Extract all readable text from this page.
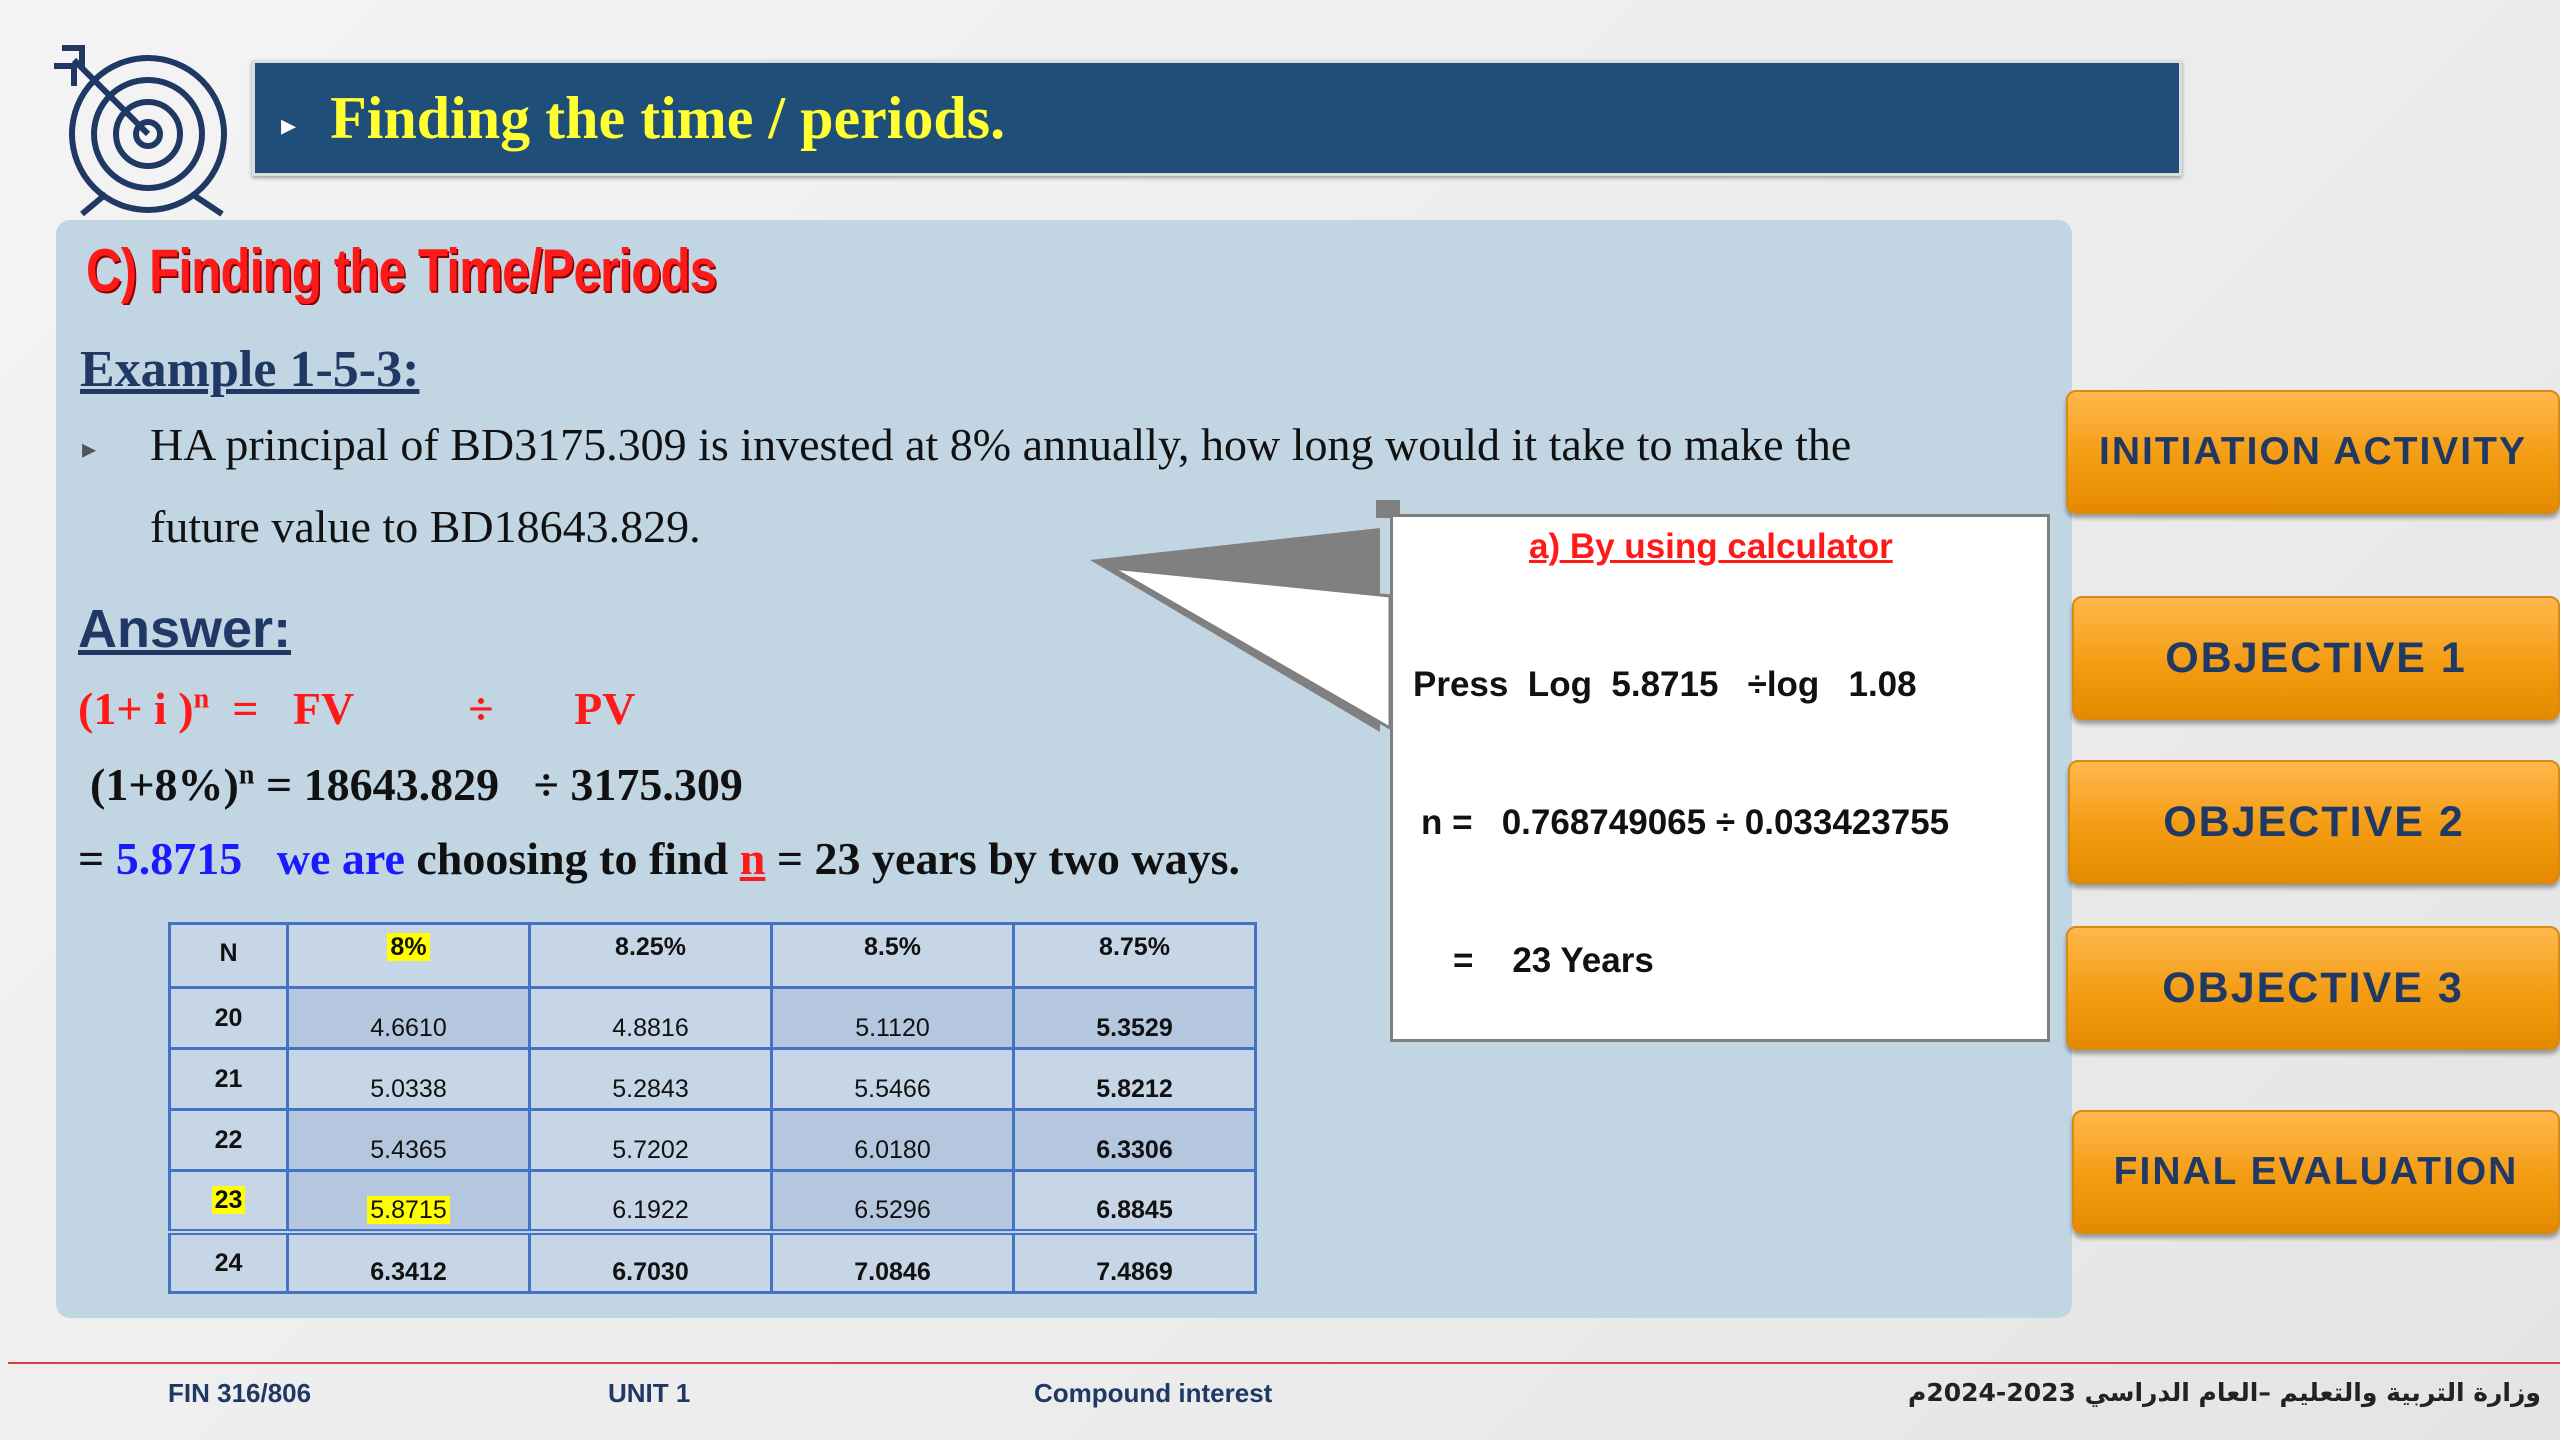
▸ Finding the time / periods.
C) Finding the Time/Periods
Example 1-5-3:
▸ HA principal of BD3175.309 is invested at 8% annually, how long would it take to make the
future value to BD18643.829.
Answer:
(1+ i )$^n$  =   FV          ÷       PV
$(1+8\%)^n = 18643.829 \div 3175.309$
= 5.8715 we are choosing to find n = 23 years by two ways.
N	8%	8.25%	8.5%	8.75%
20	4.6610	4.8816	5.1120	5.3529
21	5.0338	5.2843	5.5466	5.8212
22	5.4365	5.7202	6.0180	6.3306
23	5.8715	6.1922	6.5296	6.8845
24	6.3412	6.7030	7.0846	7.4869
a) By using calculator
Press  Log  5.8715   ÷log   1.08
n =   0.768749065 ÷ 0.033423755
=    23 Years
INITIATION ACTIVITY
OBJECTIVE 1
OBJECTIVE 2
OBJECTIVE 3
FINAL EVALUATION
FIN 316/806	UNIT 1	Compound interest	وزارة التربية والتعليم –العام الدراسي 2023-2024م
